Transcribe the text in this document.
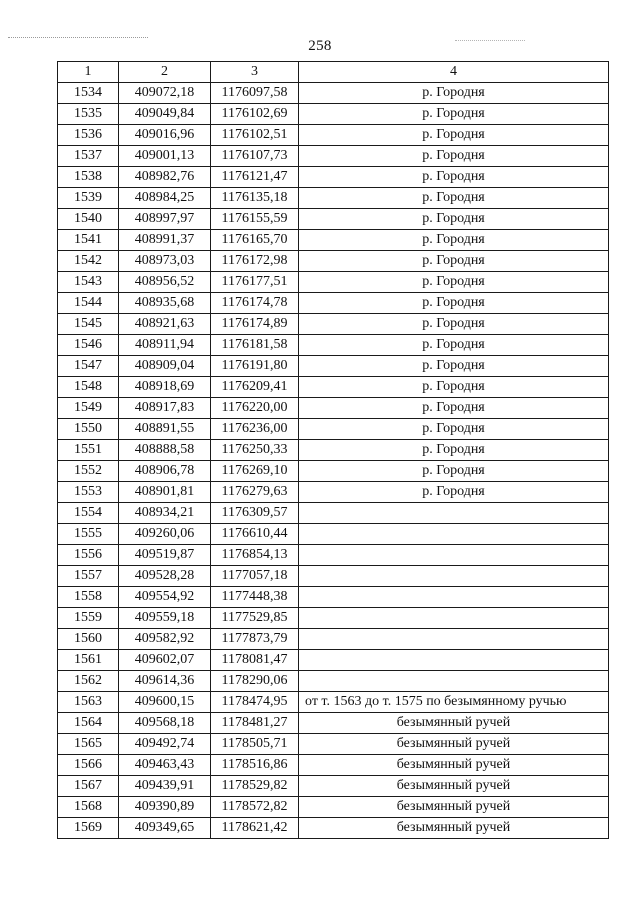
258
1	2	3	4
1534	409072,18	1176097,58	р. Городня
1535	409049,84	1176102,69	р. Городня
1536	409016,96	1176102,51	р. Городня
1537	409001,13	1176107,73	р. Городня
1538	408982,76	1176121,47	р. Городня
1539	408984,25	1176135,18	р. Городня
1540	408997,97	1176155,59	р. Городня
1541	408991,37	1176165,70	р. Городня
1542	408973,03	1176172,98	р. Городня
1543	408956,52	1176177,51	р. Городня
1544	408935,68	1176174,78	р. Городня
1545	408921,63	1176174,89	р. Городня
1546	408911,94	1176181,58	р. Городня
1547	408909,04	1176191,80	р. Городня
1548	408918,69	1176209,41	р. Городня
1549	408917,83	1176220,00	р. Городня
1550	408891,55	1176236,00	р. Городня
1551	408888,58	1176250,33	р. Городня
1552	408906,78	1176269,10	р. Городня
1553	408901,81	1176279,63	р. Городня
1554	408934,21	1176309,57	
1555	409260,06	1176610,44	
1556	409519,87	1176854,13	
1557	409528,28	1177057,18	
1558	409554,92	1177448,38	
1559	409559,18	1177529,85	
1560	409582,92	1177873,79	
1561	409602,07	1178081,47	
1562	409614,36	1178290,06	
1563	409600,15	1178474,95	от т. 1563 до т. 1575 по безымянному ручью
1564	409568,18	1178481,27	безымянный ручей
1565	409492,74	1178505,71	безымянный ручей
1566	409463,43	1178516,86	безымянный ручей
1567	409439,91	1178529,82	безымянный ручей
1568	409390,89	1178572,82	безымянный ручей
1569	409349,65	1178621,42	безымянный ручей
